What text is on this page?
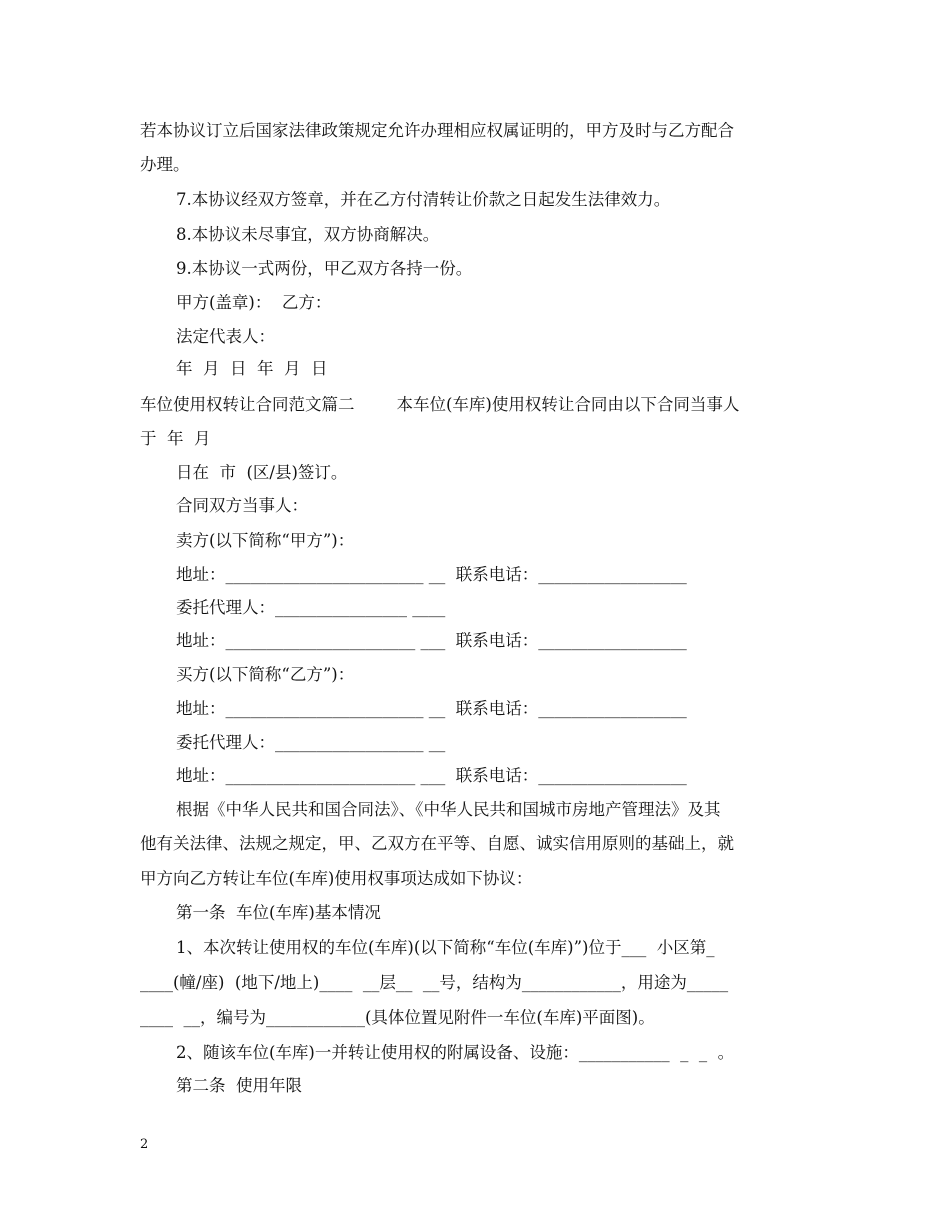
若本协议订立后国家法律政策规定允许办理相应权属证明的，甲方及时与乙方配合
办理。
7.本协议经双方签章，并在乙方付清转让价款之日起发生法律效力。
8.本协议未尽事宜，双方协商解决。
9.本协议一式两份，甲乙双方各持一份。
甲方(盖章)：  乙方：
法定代表人：
年  月  日  年  月  日
车位使用权转让合同范文篇二        本车位(车库)使用权转让合同由以下合同当事人
于  年  月
日在  市  (区/县)签订。
合同双方当事人：
卖方(以下简称“甲方”)：
地址：________________________ __  联系电话：__________________
委托代理人：________________ ____
地址：_______________________ ___  联系电话：__________________
买方(以下简称“乙方”)：
地址：________________________ __  联系电话：__________________
委托代理人：__________________ __
地址：_______________________ ___  联系电话：__________________
根据《中华人民共和国合同法》、《中华人民共和国城市房地产管理法》及其
他有关法律、法规之规定，甲、乙双方在平等、自愿、诚实信用原则的基础上，就
甲方向乙方转让车位(车库)使用权事项达成如下协议：
第一条  车位(车库)基本情况
1、本次转让使用权的车位(车库)(以下简称“车位(车库)”)位于___  小区第_
____(幢/座)  (地下/地上)____  __层__  __号，结构为____________，用途为_____
____  __，编号为____________(具体位置见附件一车位(车库)平面图)。
2、随该车位(车库)一并转让使用权的附属设备、设施：___________  _  _  。
第二条  使用年限
2
